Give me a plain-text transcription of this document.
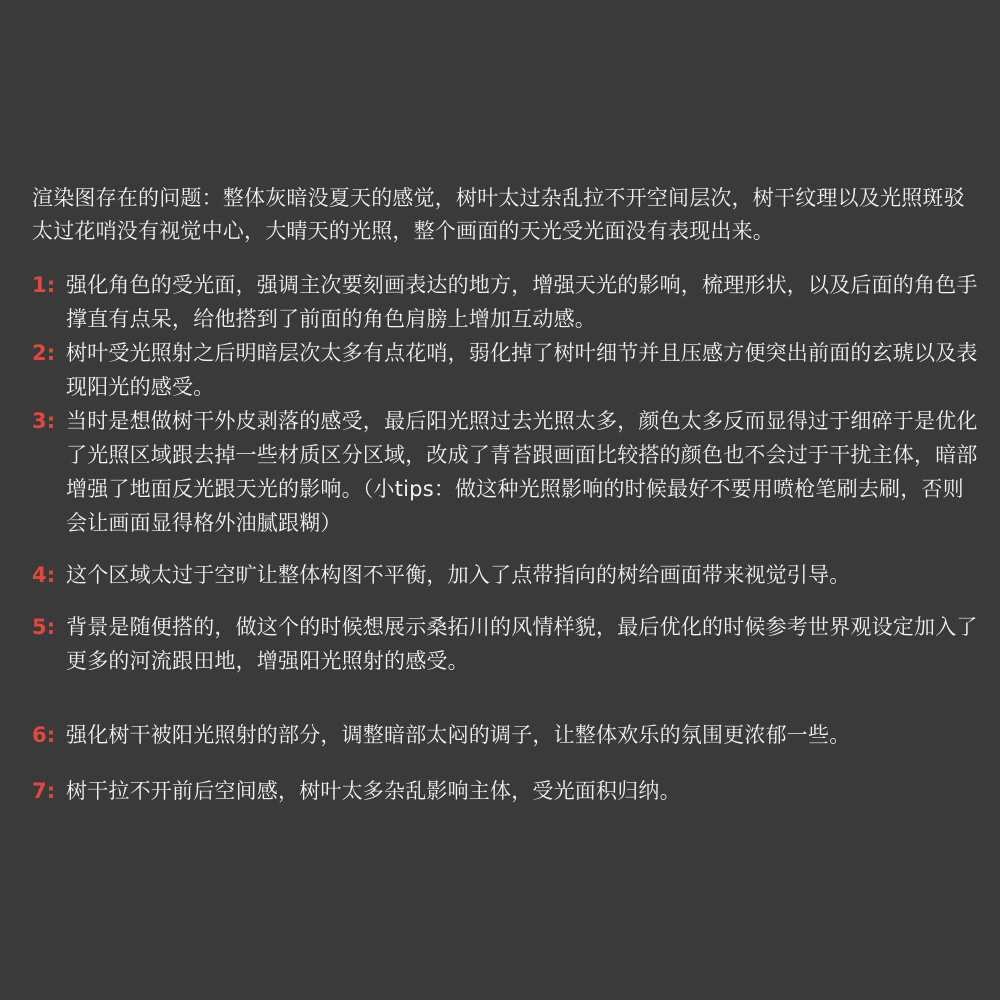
渲染图存在的问题：整体灰暗没夏天的感觉，树叶太过杂乱拉不开空间层次，树干纹理以及光照斑驳太过花哨没有视觉中心，大晴天的光照，整个画面的天光受光面没有表现出来。

1: 强化角色的受光面，强调主次要刻画表达的地方，增强天光的影响，梳理形状，以及后面的角色手撑直有点呆，给他搭到了前面的角色肩膀上增加互动感。
2: 树叶受光照射之后明暗层次太多有点花哨，弱化掉了树叶细节并且压感方便突出前面的玄琥以及表现阳光的感受。
3: 当时是想做树干外皮剥落的感受，最后阳光照过去光照太多，颜色太多反而显得过于细碎于是优化了光照区域跟去掉一些材质区分区域，改成了青苔跟画面比较搭的颜色也不会过于干扰主体，暗部增强了地面反光跟天光的影响。（小tips：做这种光照影响的时候最好不要用喷枪笔刷去刷，否则会让画面显得格外油腻跟糊）
4: 这个区域太过于空旷让整体构图不平衡，加入了点带指向的树给画面带来视觉引导。
5: 背景是随便搭的，做这个的时候想展示桑拓川的风情样貌，最后优化的时候参考世界观设定加入了更多的河流跟田地，增强阳光照射的感受。
6: 强化树干被阳光照射的部分，调整暗部太闷的调子，让整体欢乐的氛围更浓郁一些。
7: 树干拉不开前后空间感，树叶太多杂乱影响主体，受光面积归纳。
